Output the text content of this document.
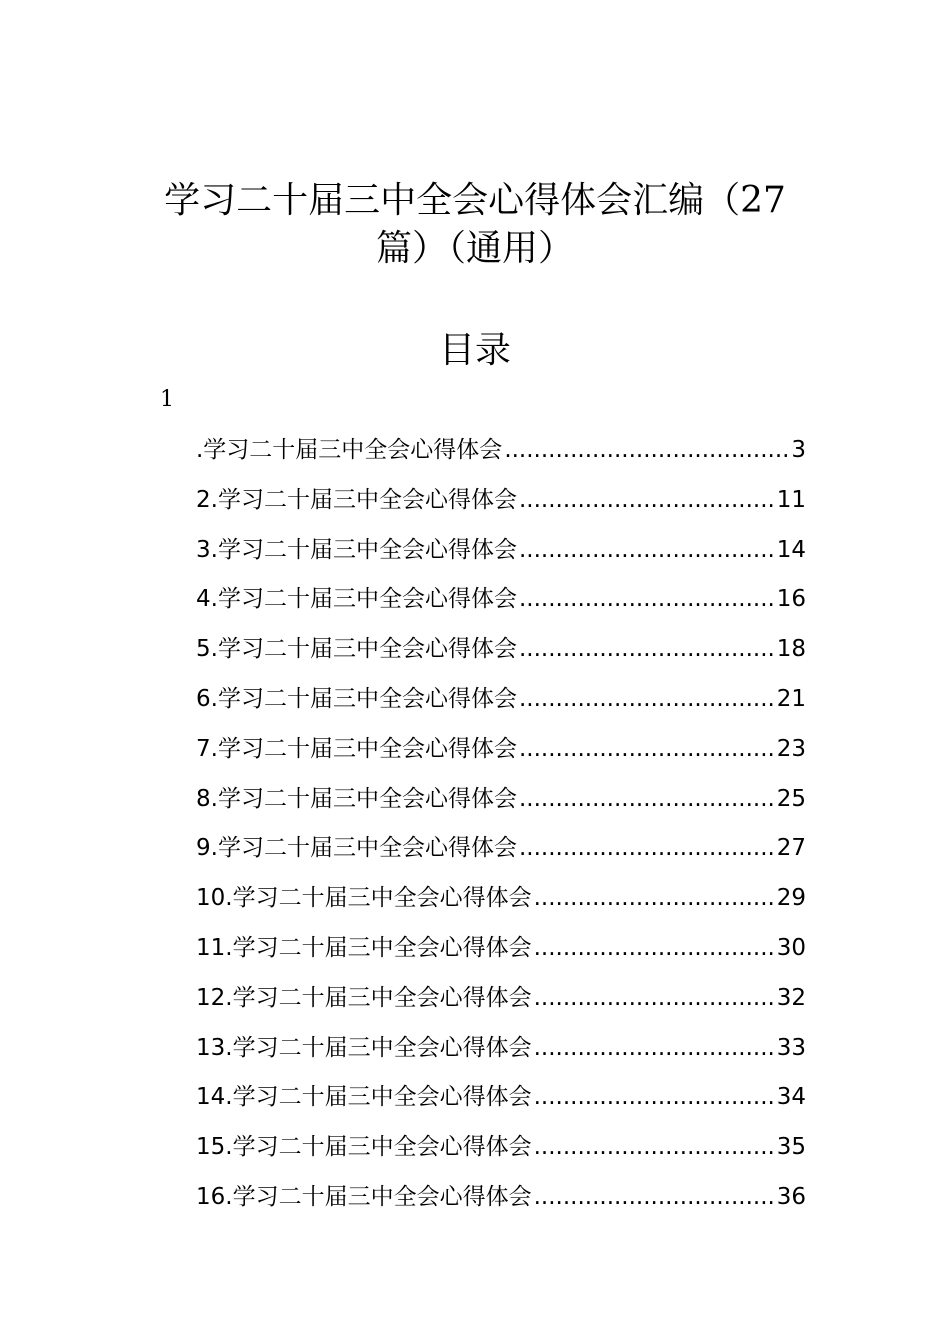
学习二十届三中全会心得体会汇编（27
篇）（通用）
目录
1
.学习二十届三中全会心得体会 .....	3
2.学习二十届三中全会心得体会 .....	11
3.学习二十届三中全会心得体会 .....	14
4.学习二十届三中全会心得体会 .....	16
5.学习二十届三中全会心得体会 .....	18
6.学习二十届三中全会心得体会 .....	21
7.学习二十届三中全会心得体会 .....	23
8.学习二十届三中全会心得体会 .....	25
9.学习二十届三中全会心得体会 .....	27
10.学习二十届三中全会心得体会 .....	29
11.学习二十届三中全会心得体会 .....	30
12.学习二十届三中全会心得体会 .....	32
13.学习二十届三中全会心得体会 .....	33
14.学习二十届三中全会心得体会 .....	34
15.学习二十届三中全会心得体会 .....	35
16.学习二十届三中全会心得体会 .....	36
